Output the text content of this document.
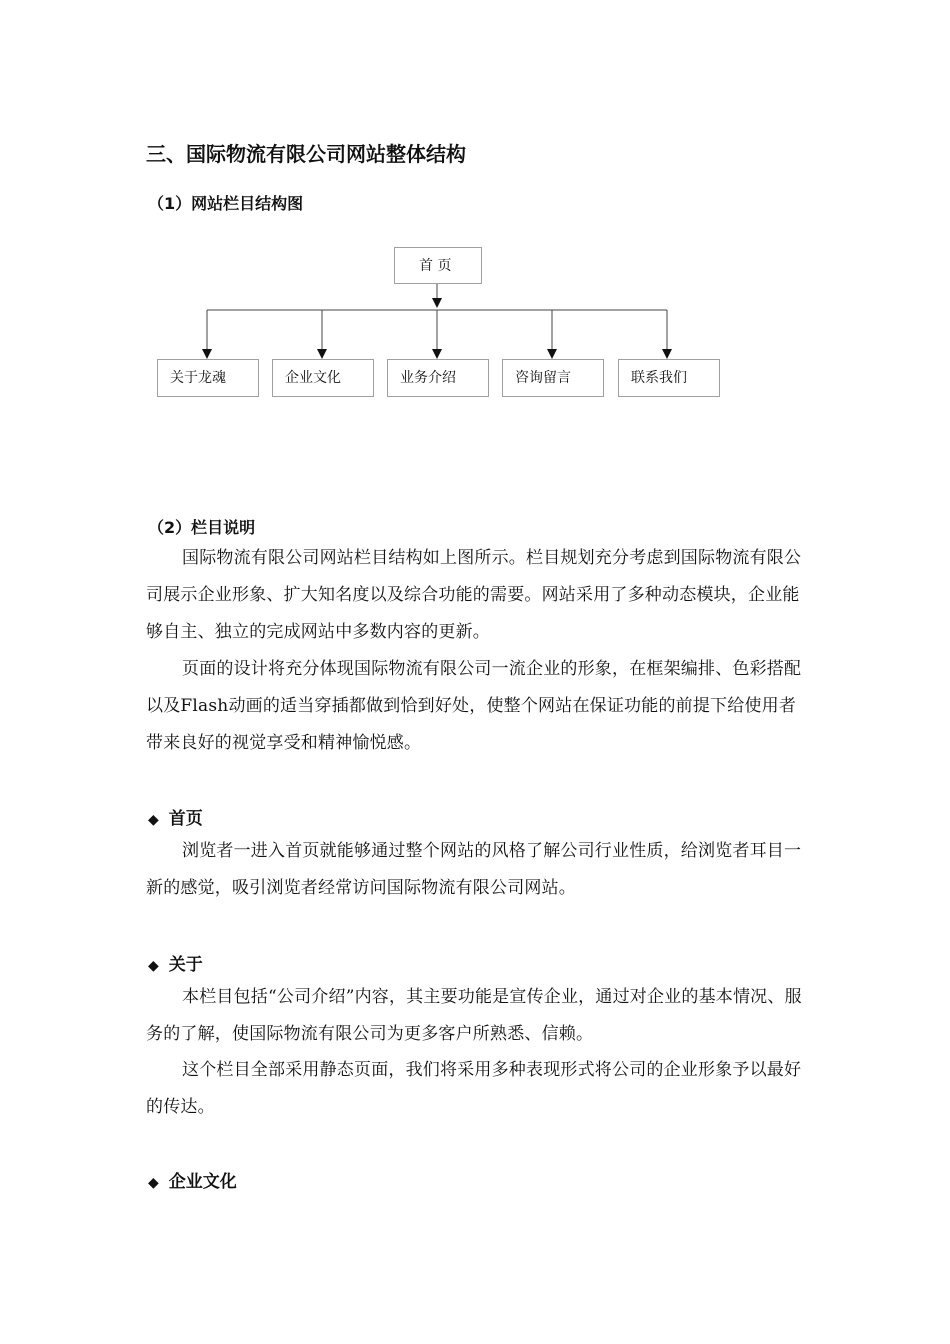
三、国际物流有限公司网站整体结构
（1）网站栏目结构图
首 页
关于龙魂	企业文化	业务介绍	咨询留言	联系我们
（2）栏目说明
国际物流有限公司网站栏目结构如上图所示。栏目规划充分考虑到国际物流有限公司展示企业形象、扩大知名度以及综合功能的需要。网站采用了多种动态模块，企业能够自主、独立的完成网站中多数内容的更新。
页面的设计将充分体现国际物流有限公司一流企业的形象，在框架编排、色彩搭配以及Flash动画的适当穿插都做到恰到好处，使整个网站在保证功能的前提下给使用者带来良好的视觉享受和精神愉悦感。
◆ 首页
浏览者一进入首页就能够通过整个网站的风格了解公司行业性质，给浏览者耳目一新的感觉，吸引浏览者经常访问国际物流有限公司网站。
◆ 关于
本栏目包括“公司介绍”内容，其主要功能是宣传企业，通过对企业的基本情况、服务的了解，使国际物流有限公司为更多客户所熟悉、信赖。
这个栏目全部采用静态页面，我们将采用多种表现形式将公司的企业形象予以最好的传达。
◆ 企业文化
